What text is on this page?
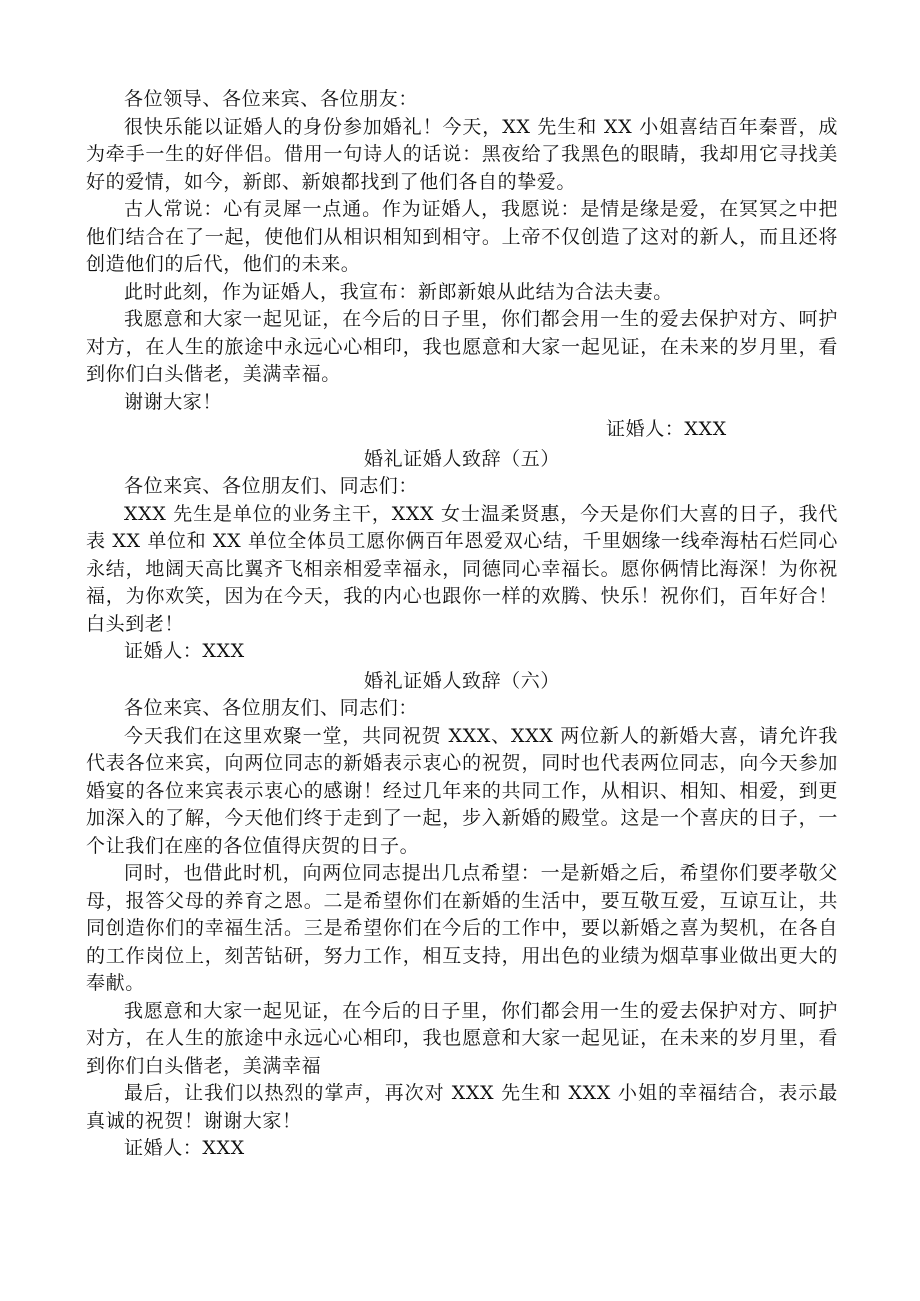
各位领导、各位来宾、各位朋友：

很快乐能以证婚人的身份参加婚礼！今天，XX 先生和 XX 小姐喜结百年秦晋，成为牵手一生的好伴侣。借用一句诗人的话说：黑夜给了我黑色的眼睛，我却用它寻找美好的爱情，如今，新郎、新娘都找到了他们各自的挚爱。

古人常说：心有灵犀一点通。作为证婚人，我愿说：是情是缘是爱，在冥冥之中把他们结合在了一起，使他们从相识相知到相守。上帝不仅创造了这对的新人，而且还将创造他们的后代，他们的未来。

此时此刻，作为证婚人，我宣布：新郎新娘从此结为合法夫妻。

我愿意和大家一起见证，在今后的日子里，你们都会用一生的爱去保护对方、呵护对方，在人生的旅途中永远心心相印，我也愿意和大家一起见证，在未来的岁月里，看到你们白头偕老，美满幸福。

谢谢大家！

证婚人：XXX

婚礼证婚人致辞（五）

各位来宾、各位朋友们、同志们：

XXX 先生是单位的业务主干，XXX 女士温柔贤惠，今天是你们大喜的日子，我代表 XX 单位和 XX 单位全体员工愿你俩百年恩爱双心结，千里姻缘一线牵海枯石烂同心永结，地阔天高比翼齐飞相亲相爱幸福永，同德同心幸福长。愿你俩情比海深！为你祝福，为你欢笑，因为在今天，我的内心也跟你一样的欢腾、快乐！祝你们，百年好合！白头到老！

证婚人：XXX

婚礼证婚人致辞（六）

各位来宾、各位朋友们、同志们：

今天我们在这里欢聚一堂，共同祝贺 XXX、XXX 两位新人的新婚大喜，请允许我代表各位来宾，向两位同志的新婚表示衷心的祝贺，同时也代表两位同志，向今天参加婚宴的各位来宾表示衷心的感谢！经过几年来的共同工作，从相识、相知、相爱，到更加深入的了解，今天他们终于走到了一起，步入新婚的殿堂。这是一个喜庆的日子，一个让我们在座的各位值得庆贺的日子。

同时，也借此时机，向两位同志提出几点希望：一是新婚之后，希望你们要孝敬父母，报答父母的养育之恩。二是希望你们在新婚的生活中，要互敬互爱，互谅互让，共同创造你们的幸福生活。三是希望你们在今后的工作中，要以新婚之喜为契机，在各自的工作岗位上，刻苦钻研，努力工作，相互支持，用出色的业绩为烟草事业做出更大的奉献。

我愿意和大家一起见证，在今后的日子里，你们都会用一生的爱去保护对方、呵护对方，在人生的旅途中永远心心相印，我也愿意和大家一起见证，在未来的岁月里，看到你们白头偕老，美满幸福

最后，让我们以热烈的掌声，再次对 XXX 先生和 XXX 小姐的幸福结合，表示最真诚的祝贺！谢谢大家！

证婚人：XXX
